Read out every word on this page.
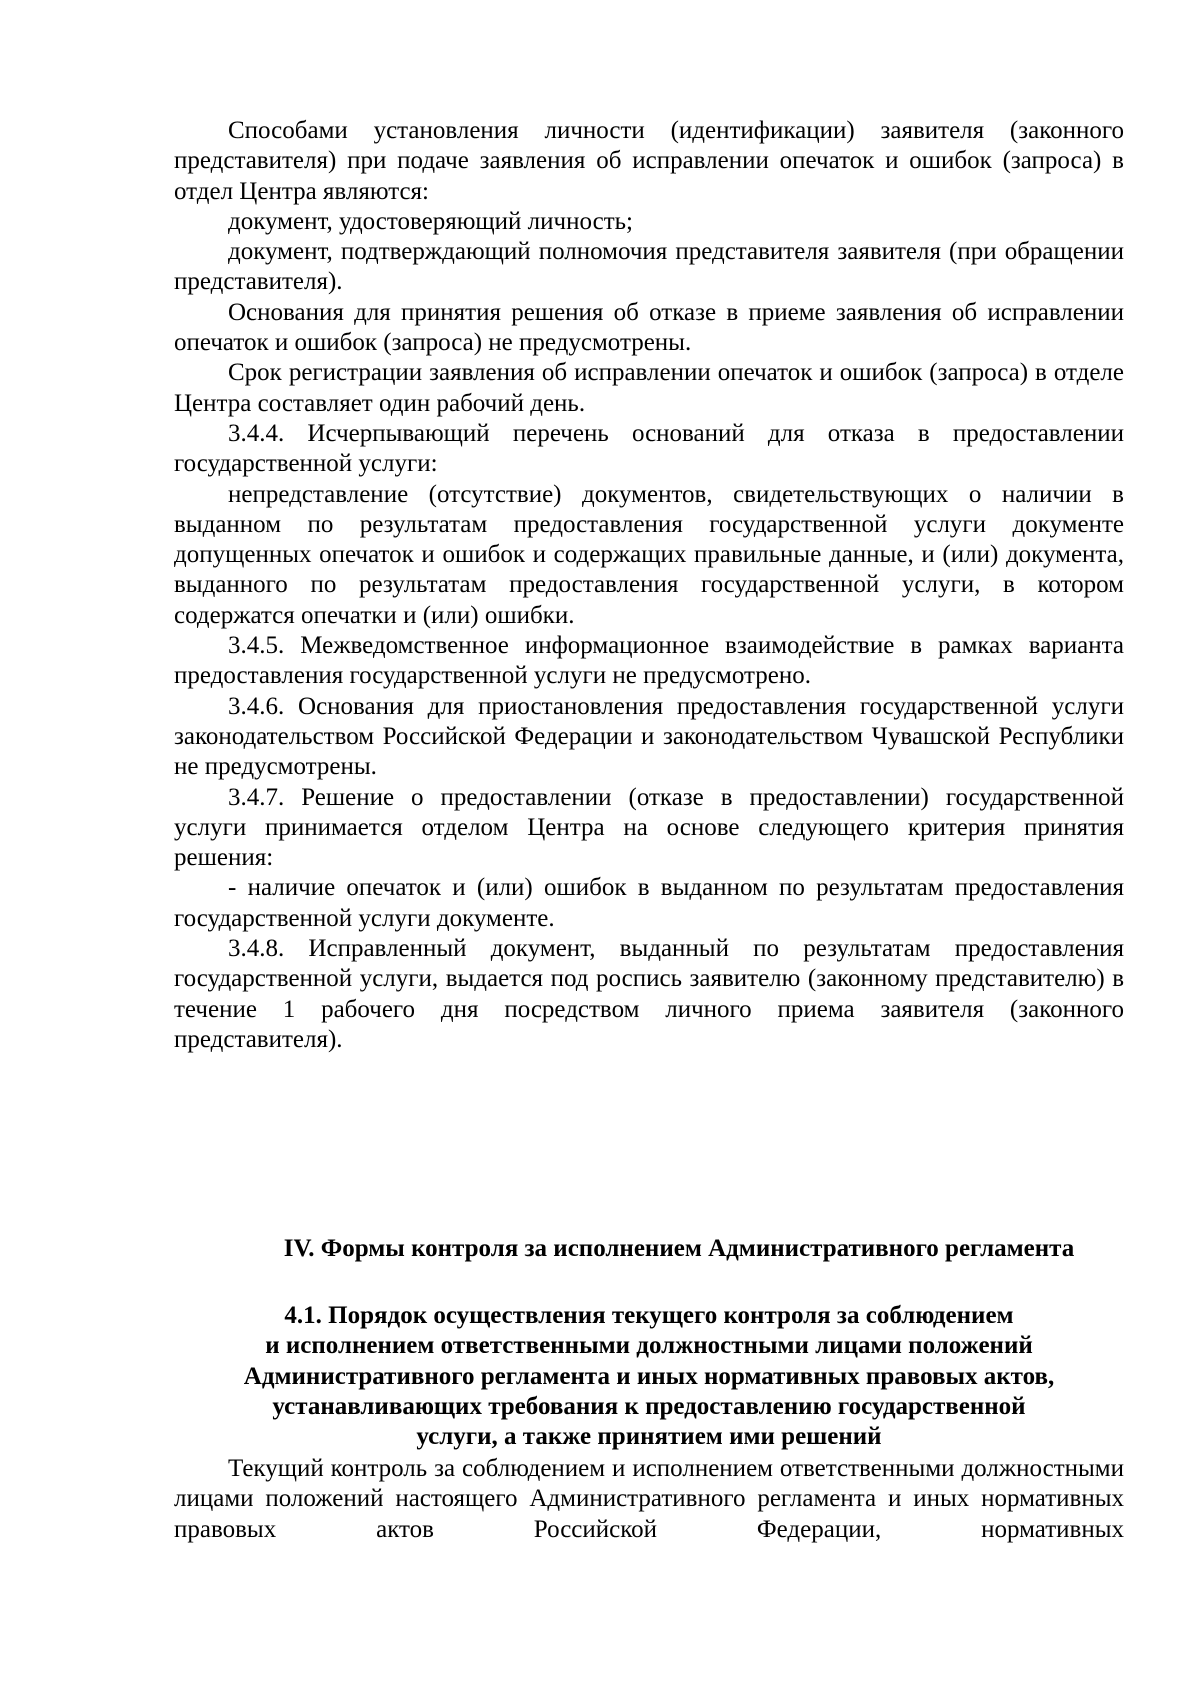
Способами установления личности (идентификации) заявителя (законного представителя) при подаче заявления об исправлении опечаток и ошибок (запроса) в отдел Центра являются:

документ, удостоверяющий личность;

документ, подтверждающий полномочия представителя заявителя (при обращении представителя).

Основания для принятия решения об отказе в приеме заявления об исправлении опечаток и ошибок (запроса) не предусмотрены.

Срок регистрации заявления об исправлении опечаток и ошибок (запроса) в отделе Центра составляет один рабочий день.

3.4.4. Исчерпывающий перечень оснований для отказа в предоставлении государственной услуги:

непредставление (отсутствие) документов, свидетельствующих о наличии в выданном по результатам предоставления государственной услуги документе допущенных опечаток и ошибок и содержащих правильные данные, и (или) документа, выданного по результатам предоставления государственной услуги, в котором содержатся опечатки и (или) ошибки.

3.4.5. Межведомственное информационное взаимодействие в рамках варианта предоставления государственной услуги не предусмотрено.

3.4.6. Основания для приостановления предоставления государственной услуги законодательством Российской Федерации и законодательством Чувашской Республики не предусмотрены.

3.4.7. Решение о предоставлении (отказе в предоставлении) государственной услуги принимается отделом Центра на основе следующего критерия принятия решения:

- наличие опечаток и (или) ошибок в выданном по результатам предоставления государственной услуги документе.

3.4.8. Исправленный документ, выданный по результатам предоставления государственной услуги, выдается под роспись заявителю (законному представителю) в течение 1 рабочего дня посредством личного приема заявителя (законного представителя).

IV. Формы контроля за исполнением Административного регламента

4.1. Порядок осуществления текущего контроля за соблюдением
и исполнением ответственными должностными лицами положений
Административного регламента и иных нормативных правовых актов,
устанавливающих требования к предоставлению государственной
услуги, а также принятием ими решений

Текущий контроль за соблюдением и исполнением ответственными должностными лицами положений настоящего Административного регламента и иных нормативных правовых актов Российской Федерации, нормативных
